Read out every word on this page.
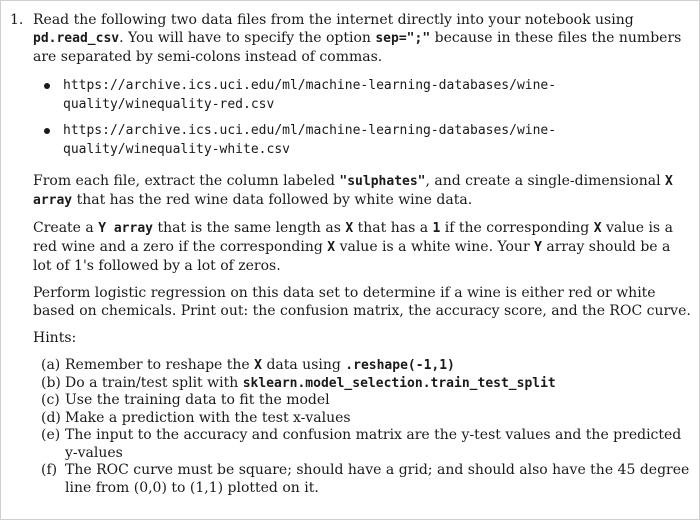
1. Read the following two data files from the internet directly into your notebook using pd.read_csv. You will have to specify the option sep=";" because in these files the numbers are separated by semi-colons instead of commas.

https://archive.ics.uci.edu/ml/machine-learning-databases/wine-quality/winequality-red.csv
https://archive.ics.uci.edu/ml/machine-learning-databases/wine-quality/winequality-white.csv

From each file, extract the column labeled "sulphates", and create a single-dimensional X array that has the red wine data followed by white wine data.

Create a Y array that is the same length as X that has a 1 if the corresponding X value is a red wine and a zero if the corresponding X value is a white wine. Your Y array should be a lot of 1's followed by a lot of zeros.

Perform logistic regression on this data set to determine if a wine is either red or white based on chemicals. Print out: the confusion matrix, the accuracy score, and the ROC curve.

Hints:

(a) Remember to reshape the X data using .reshape(-1,1)
(b) Do a train/test split with sklearn.model_selection.train_test_split
(c) Use the training data to fit the model
(d) Make a prediction with the test x-values
(e) The input to the accuracy and confusion matrix are the y-test values and the predicted y-values
(f) The ROC curve must be square; should have a grid; and should also have the 45 degree line from (0,0) to (1,1) plotted on it.
